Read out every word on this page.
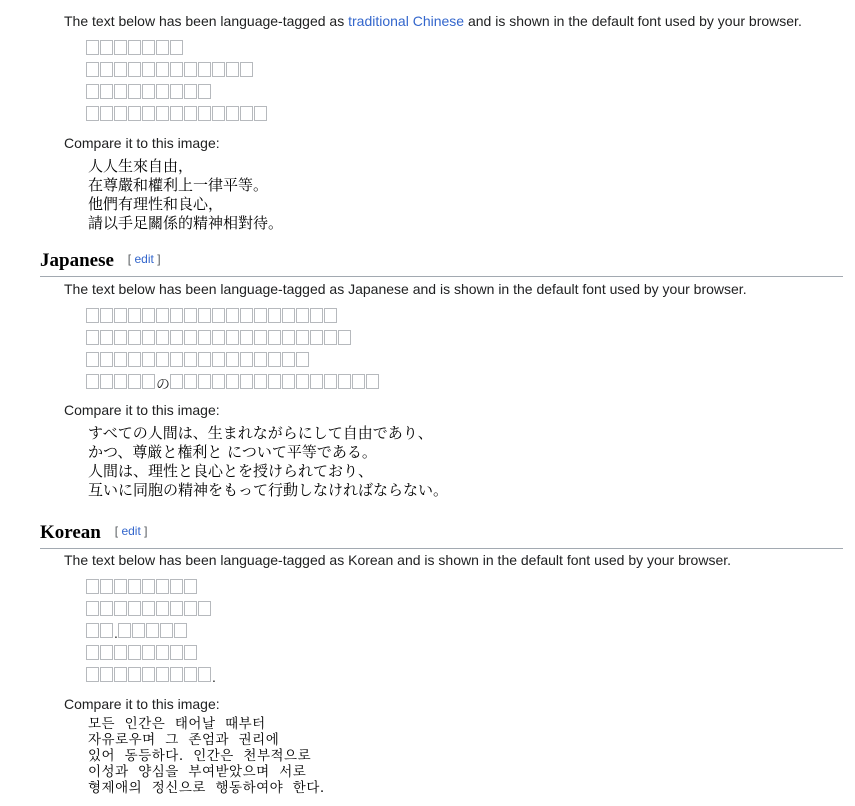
The text below has been language-tagged as traditional Chinese and is shown in the default font used by your browser.
Compare it to this image:
人人生來自由，
在尊嚴和權利上一律平等。
他們有理性和良心，
請以手足關係的精神相對待。
Japanese [ edit ]
The text below has been language-tagged as Japanese and is shown in the default font used by your browser.
の
Compare it to this image:
すべての人間は、生まれながらにして自由であり、
かつ、尊厳と権利と について平等である。
人間は、理性と良心とを授けられており、
互いに同胞の精神をもって行動しなければならない。
Korean [ edit ]
The text below has been language-tagged as Korean and is shown in the default font used by your browser.
.
.
Compare it to this image:
모든  인간은  태어날  때부터
자유로우며  그  존엄과  권리에
있어  동등하다.  인간은  천부적으로
이성과  양심을  부여받았으며  서로
형제애의  정신으로  행동하여야  한다.
